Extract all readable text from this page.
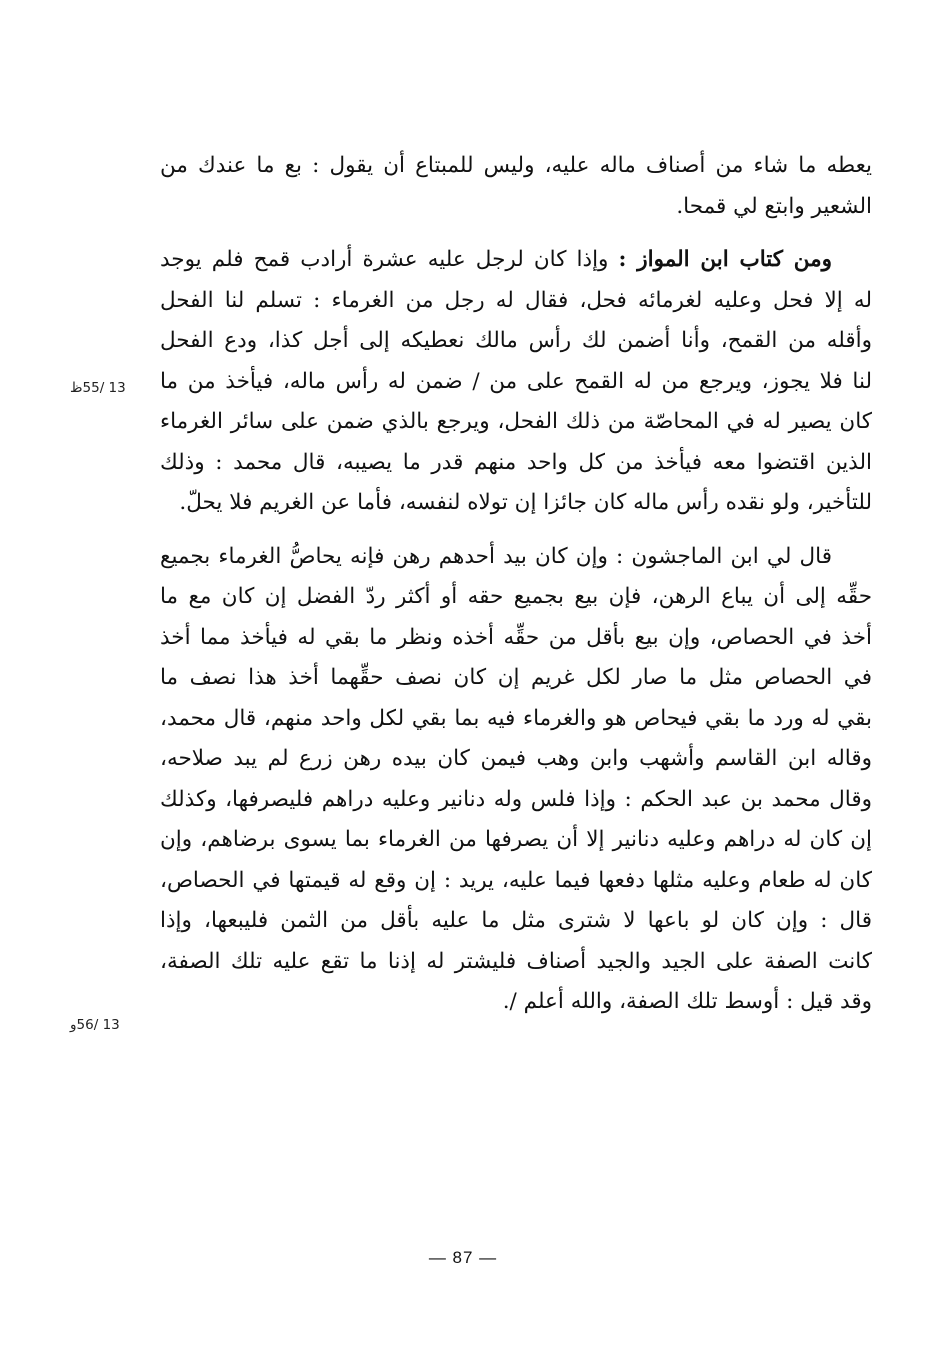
يعطه ما شاء من أصناف ماله عليه، وليس للمبتاع أن يقول : بع ما عندك من
الشعير وابتع لي قمحا.

ومن كتاب ابن المواز : وإذا كان لرجل عليه عشرة أرادب قمح فلم يوجد
له إلا فحل وعليه لغرمائه فحل، فقال له رجل من الغرماء : تسلم لنا الفحل
وأقله من القمح، وأنا أضمن لك رأس مالك نعطيكه إلى أجل كذا، ودع الفحل
لنا فلا يجوز، ويرجع من له القمح على من / ضمن له رأس ماله، فيأخذ من ما
كان يصير له في المحاصّة من ذلك الفحل، ويرجع بالذي ضمن على سائر الغرماء
الذين اقتضوا معه فيأخذ من كل واحد منهم قدر ما يصيبه، قال محمد : وذلك
للتأخير، ولو نقده رأس ماله كان جائزا إن تولاه لنفسه، فأما عن الغريم فلا يحلّ.

قال لي ابن الماجشون : وإن كان بيد أحدهم رهن فإنه يحاصُّ الغرماء بجميع
حقِّه إلى أن يباع الرهن، فإن بيع بجميع حقه أو أكثر ردّ الفضل إن كان مع ما
أخذ في الحصاص، وإن بيع بأقل من حقِّه أخذه ونظر ما بقي له فيأخذ مما أخذ
في الحصاص مثل ما صار لكل غريم إن كان نصف حقِّهما أخذ هذا نصف ما
بقي له ورد ما بقي فيحاص هو والغرماء فيه بما بقي لكل واحد منهم، قال محمد،
وقاله ابن القاسم وأشهب وابن وهب فيمن كان بيده رهن زرع لم يبد صلاحه،
وقال محمد بن عبد الحكم : وإذا فلس وله دنانير وعليه دراهم فليصرفها، وكذلك
إن كان له دراهم وعليه دنانير إلا أن يصرفها من الغرماء بما يسوى برضاهم، وإن
كان له طعام وعليه مثلها دفعها فيما عليه، يريد : إن وقع له قيمتها في الحصاص،
قال : وإن كان لو باعها لا شترى مثل ما عليه بأقل من الثمن فليبعها، وإذا
كانت الصفة على الجيد والجيد أصناف فليشتر له إذنا ما تقع عليه تلك الصفة،
وقد قيل : أوسط تلك الصفة، والله أعلم /.

13 /55ظ
13 /56و
— 87 —
